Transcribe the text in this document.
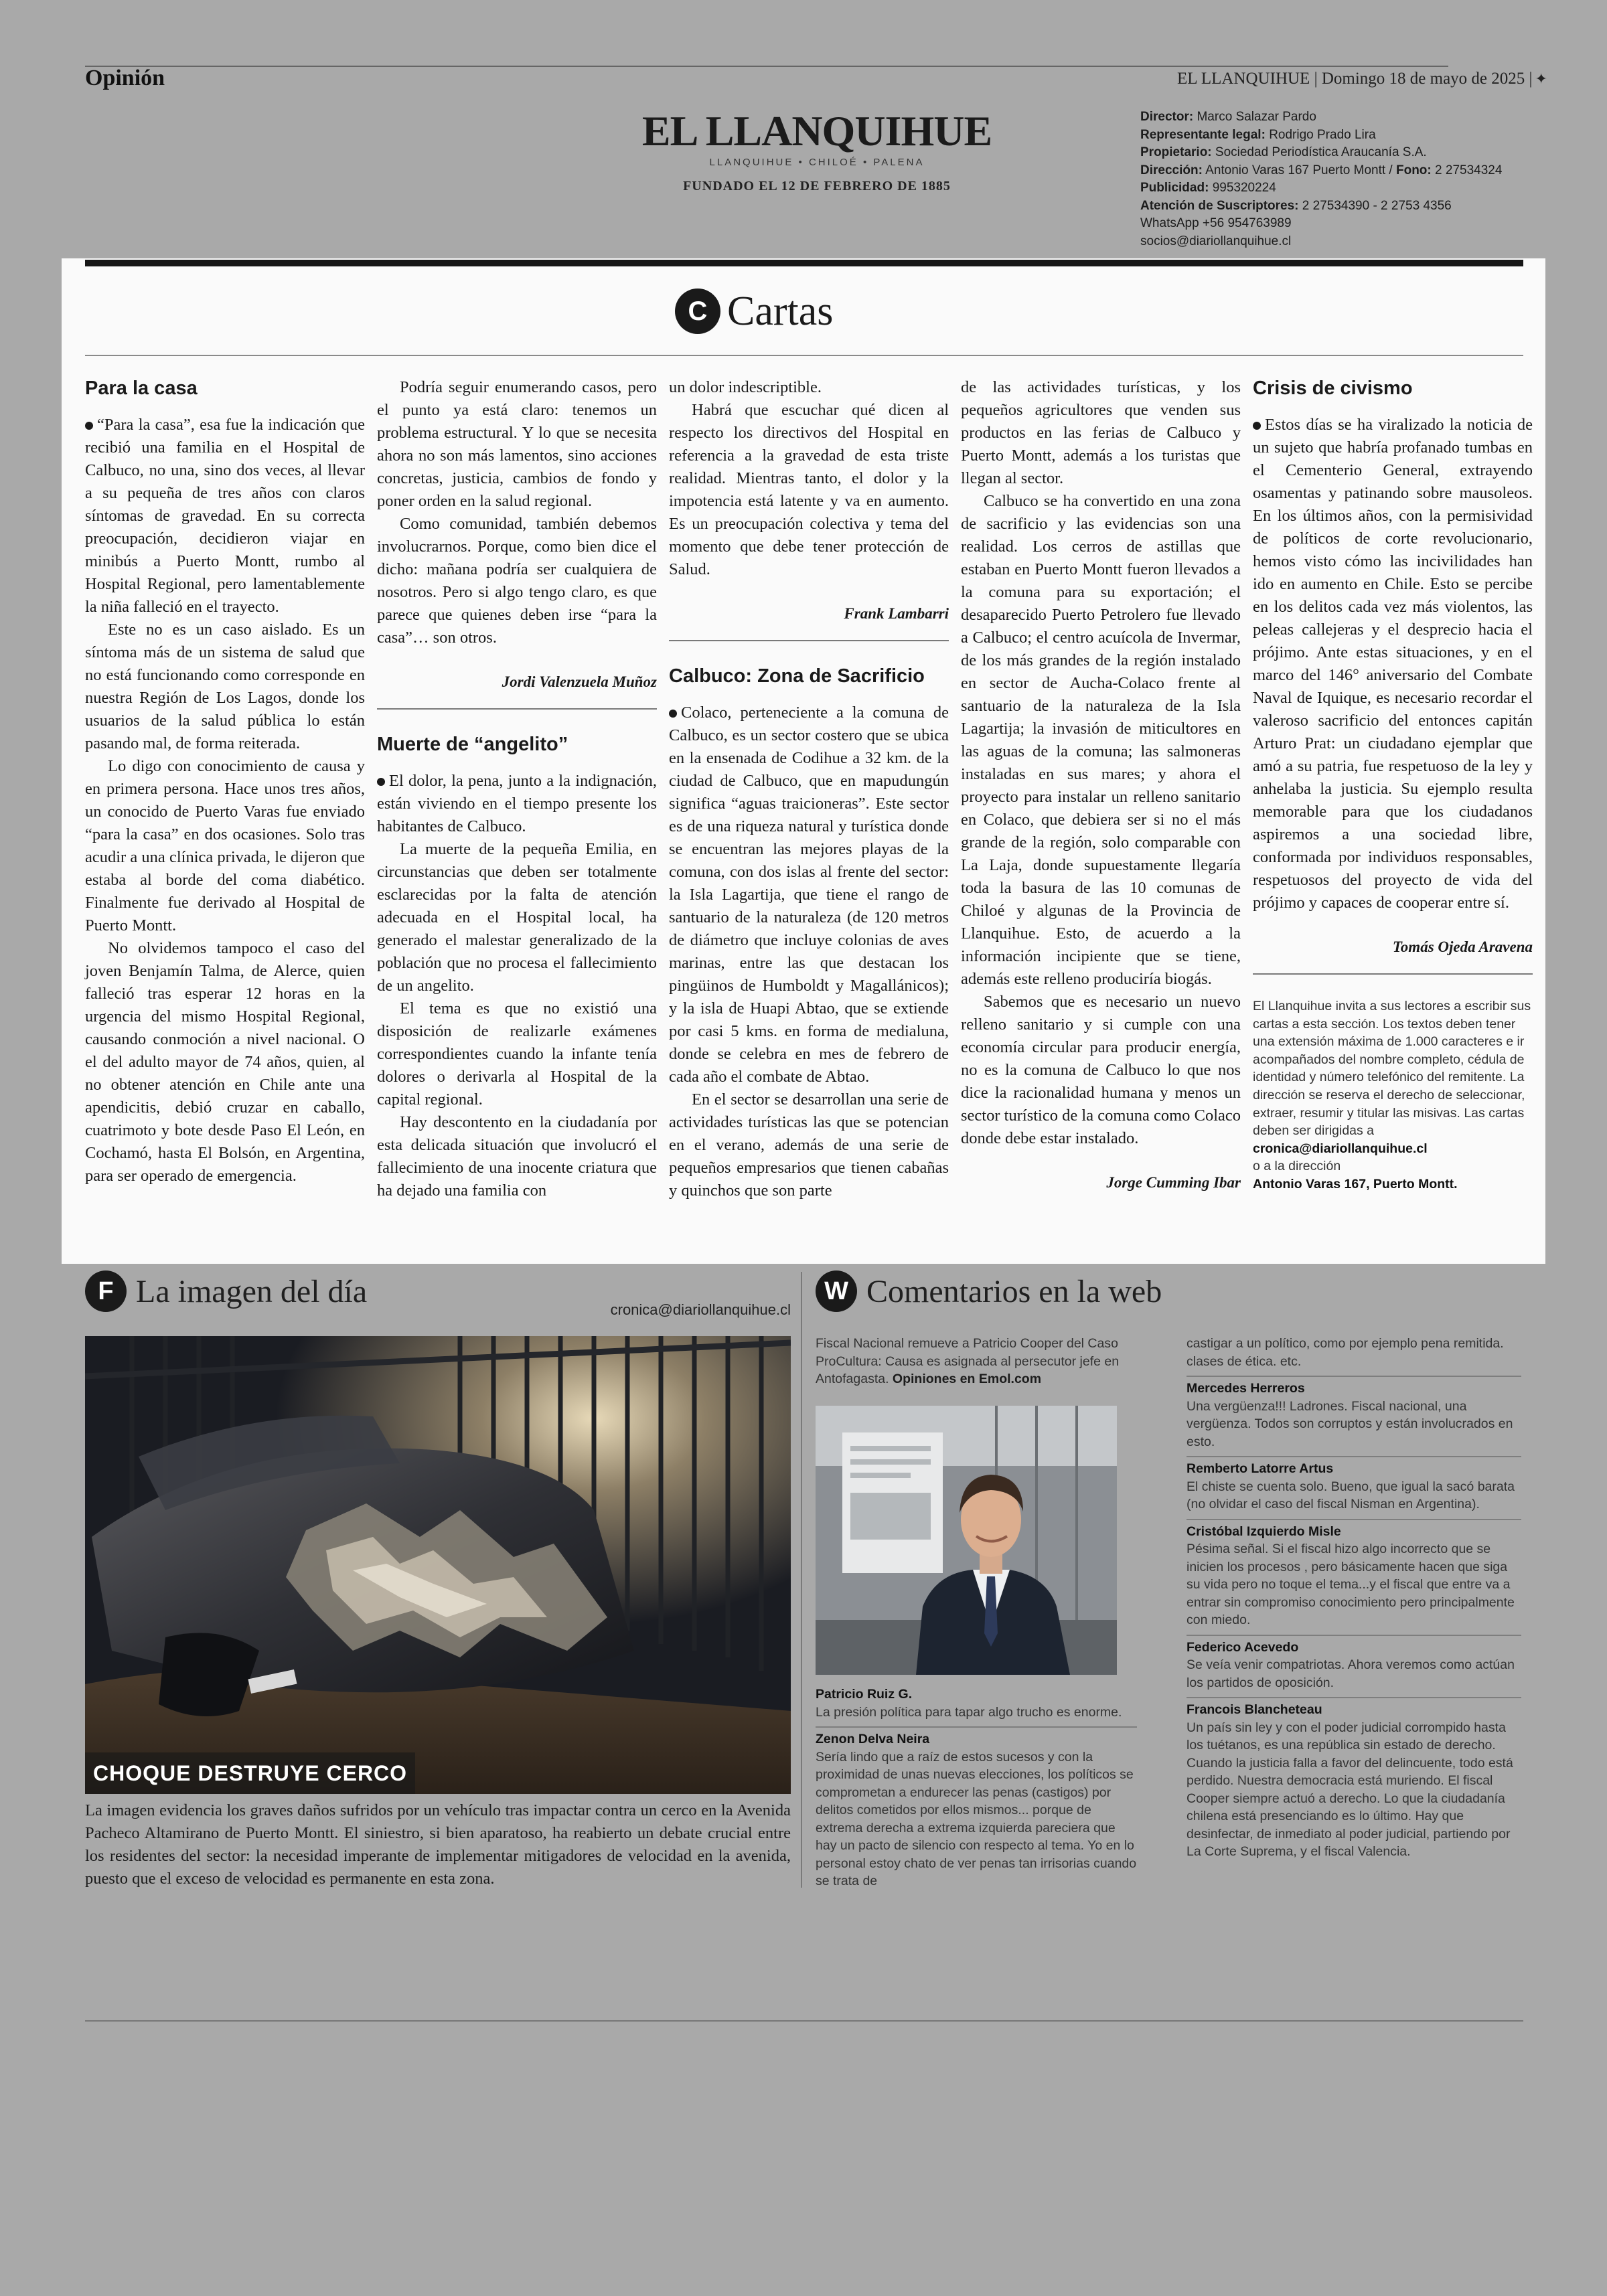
Opinión	EL LLANQUIHUE | Domingo 18 de mayo de 2025 | ✦
EL LLANQUIHUE
LLANQUIHUE • CHILOÉ • PALENA
FUNDADO EL 12 DE FEBRERO DE 1885
Director: Marco Salazar Pardo
Representante legal: Rodrigo Prado Lira
Propietario: Sociedad Periodística Araucanía S.A.
Dirección: Antonio Varas 167 Puerto Montt / Fono: 2 27534324
Publicidad: 995320224
Atención de Suscriptores: 2 27534390 - 2 2753 4356
WhatsApp +56 954763989
socios@diariollanquihue.cl
C Cartas
Para la casa

“Para la casa”, esa fue la indicación que recibió una familia en el Hospital de Calbuco, no una, sino dos veces, al llevar a su pequeña de tres años con claros síntomas de gravedad. En su correcta preocupación, decidieron viajar en minibús a Puerto Montt, rumbo al Hospital Regional, pero lamentablemente la niña falleció en el trayecto.

Este no es un caso aislado. Es un síntoma más de un sistema de salud que no está funcionando como corresponde en nuestra Región de Los Lagos, donde los usuarios de la salud pública lo están pasando mal, de forma reiterada.

Lo digo con conocimiento de causa y en primera persona. Hace unos tres años, un conocido de Puerto Varas fue enviado “para la casa” en dos ocasiones. Solo tras acudir a una clínica privada, le dijeron que estaba al borde del coma diabético. Finalmente fue derivado al Hospital de Puerto Montt.

No olvidemos tampoco el caso del joven Benjamín Talma, de Alerce, quien falleció tras esperar 12 horas en la urgencia del mismo Hospital Regional, causando conmoción a nivel nacional. O el del adulto mayor de 74 años, quien, al no obtener atención en Chile ante una apendicitis, debió cruzar en caballo, cuatrimoto y bote desde Paso El León, en Cochamó, hasta El Bolsón, en Argentina, para ser operado de emergencia.

Podría seguir enumerando casos, pero el punto ya está claro: tenemos un problema estructural. Y lo que se necesita ahora no son más lamentos, sino acciones concretas, justicia, cambios de fondo y poner orden en la salud regional.

Como comunidad, también debemos involucrarnos. Porque, como bien dice el dicho: mañana podría ser cualquiera de nosotros. Pero si algo tengo claro, es que parece que quienes deben irse “para la casa”… son otros.

Jordi Valenzuela Muñoz
Muerte de “angelito”

El dolor, la pena, junto a la indignación, están viviendo en el tiempo presente los habitantes de Calbuco.

La muerte de la pequeña Emilia, en circunstancias que deben ser totalmente esclarecidas por la falta de atención adecuada en el Hospital local, ha generado el malestar generalizado de la población que no procesa el fallecimiento de un angelito.

El tema es que no existió una disposición de realizarle exámenes correspondientes cuando la infante tenía dolores o derivarla al Hospital de la capital regional.

Hay descontento en la ciudadanía por esta delicada situación que involucró el fallecimiento de una inocente criatura que ha dejado una familia con

un dolor indescriptible.

Habrá que escuchar qué dicen al respecto los directivos del Hospital en referencia a la gravedad de esta triste realidad. Mientras tanto, el dolor y la impotencia está latente y va en aumento. Es un preocupación colectiva y tema del momento que debe tener protección de Salud.

Frank Lambarri
Calbuco: Zona de Sacrificio

Colaco, perteneciente a la comuna de Calbuco, es un sector costero que se ubica en la ensenada de Codihue a 32 km. de la ciudad de Calbuco, que en mapudungún significa “aguas traicioneras”. Este sector es de una riqueza natural y turística donde se encuentran las mejores playas de la comuna, con dos islas al frente del sector: la Isla Lagartija, que tiene el rango de santuario de la naturaleza (de 120 metros de diámetro que incluye colonias de aves marinas, entre las que destacan los pingüinos de Humboldt y Magallánicos); y la isla de Huapi Abtao, que se extiende por casi 5 kms. en forma de medialuna, donde se celebra en mes de febrero de cada año el combate de Abtao.

En el sector se desarrollan una serie de actividades turísticas las que se potencian en el verano, además de una serie de pequeños empresarios que tienen cabañas y quinchos que son parte

de las actividades turísticas, y los pequeños agricultores que venden sus productos en las ferias de Calbuco y Puerto Montt, además a los turistas que llegan al sector.

Calbuco se ha convertido en una zona de sacrificio y las evidencias son una realidad. Los cerros de astillas que estaban en Puerto Montt fueron llevados a la comuna para su exportación; el desaparecido Puerto Petrolero fue llevado a Calbuco; el centro acuícola de Invermar, de los más grandes de la región instalado en sector de Aucha-Colaco frente al santuario de la naturaleza de la Isla Lagartija; la invasión de miticultores en las aguas de la comuna; las salmoneras instaladas en sus mares; y ahora el proyecto para instalar un relleno sanitario en Colaco, que debiera ser si no el más grande de la región, solo comparable con La Laja, donde supuestamente llegaría toda la basura de las 10 comunas de Chiloé y algunas de la Provincia de Llanquihue. Esto, de acuerdo a la información incipiente que se tiene, además este relleno produciría biogás.

Sabemos que es necesario un nuevo relleno sanitario y si cumple con una economía circular para producir energía, no es la comuna de Calbuco lo que nos dice la racionalidad humana y menos un sector turístico de la comuna como Colaco donde debe estar instalado.

Jorge Cumming Ibar
Crisis de civismo

Estos días se ha viralizado la noticia de un sujeto que habría profanado tumbas en el Cementerio General, extrayendo osamentas y patinando sobre mausoleos. En los últimos años, con la permisividad de políticos de corte revolucionario, hemos visto cómo las incivilidades han ido en aumento en Chile. Esto se percibe en los delitos cada vez más violentos, las peleas callejeras y el desprecio hacia el prójimo. Ante estas situaciones, y en el marco del 146° aniversario del Combate Naval de Iquique, es necesario recordar el valeroso sacrificio del entonces capitán Arturo Prat: un ciudadano ejemplar que amó a su patria, fue respetuoso de la ley y anhelaba la justicia. Su ejemplo resulta memorable para que los ciudadanos aspiremos a una sociedad libre, conformada por individuos responsables, respetuosos del proyecto de vida del prójimo y capaces de cooperar entre sí.

Tomás Ojeda Aravena
El Llanquihue invita a sus lectores a escribir sus cartas a esta sección. Los textos deben tener una extensión máxima de 1.000 caracteres e ir acompañados del nombre completo, cédula de identidad y número telefónico del remitente. La dirección se reserva el derecho de seleccionar, extraer, resumir y titular las misivas. Las cartas deben ser dirigidas a
cronica@diariollanquihue.cl
o a la dirección
Antonio Varas 167, Puerto Montt.
F La imagen del día
cronica@diariollanquihue.cl
CHOQUE DESTRUYE CERCO
La imagen evidencia los graves daños sufridos por un vehículo tras impactar contra un cerco en la Avenida Pacheco Altamirano de Puerto Montt. El siniestro, si bien aparatoso, ha reabierto un debate crucial entre los residentes del sector: la necesidad imperante de implementar mitigadores de velocidad en la avenida, puesto que el exceso de velocidad es permanente en esta zona.
W Comentarios en la web
Fiscal Nacional remueve a Patricio Cooper del Caso ProCultura: Causa es asignada al persecutor jefe en Antofagasta. Opiniones en Emol.com
Patricio Ruiz G.
La presión política para tapar algo trucho es enorme.
Zenon Delva Neira
Sería lindo que a raíz de estos sucesos y con la proximidad de unas nuevas elecciones, los políticos se comprometan a endurecer las penas (castigos) por delitos cometidos por ellos mismos... porque de extrema derecha a extrema izquierda pareciera que hay un pacto de silencio con respecto al tema. Yo en lo personal estoy chato de ver penas tan irrisorias cuando se trata de
castigar a un político, como por ejemplo pena remitida. clases de ética. etc.
Mercedes Herreros
Una vergüenza!!! Ladrones. Fiscal nacional, una vergüenza. Todos son corruptos y están involucrados en esto.
Remberto Latorre Artus
El chiste se cuenta solo. Bueno, que igual la sacó barata (no olvidar el caso del fiscal Nisman en Argentina).
Cristóbal Izquierdo Misle
Pésima señal. Si el fiscal hizo algo incorrecto que se inicien los procesos , pero básicamente hacen que siga su vida pero no toque el tema...y el fiscal que entre va a entrar sin compromiso conocimiento pero principalmente con miedo.
Federico Acevedo
Se veía venir compatriotas. Ahora veremos como actúan los partidos de oposición.
Francois Blancheteau
Un país sin ley y con el poder judicial corrompido hasta los tuétanos, es una república sin estado de derecho. Cuando la justicia falla a favor del delincuente, todo está perdido. Nuestra democracia está muriendo. El fiscal Cooper siempre actuó a derecho. Lo que la ciudadanía chilena está presenciando es lo último. Hay que desinfectar, de inmediato al poder judicial, partiendo por La Corte Suprema, y el fiscal Valencia.
